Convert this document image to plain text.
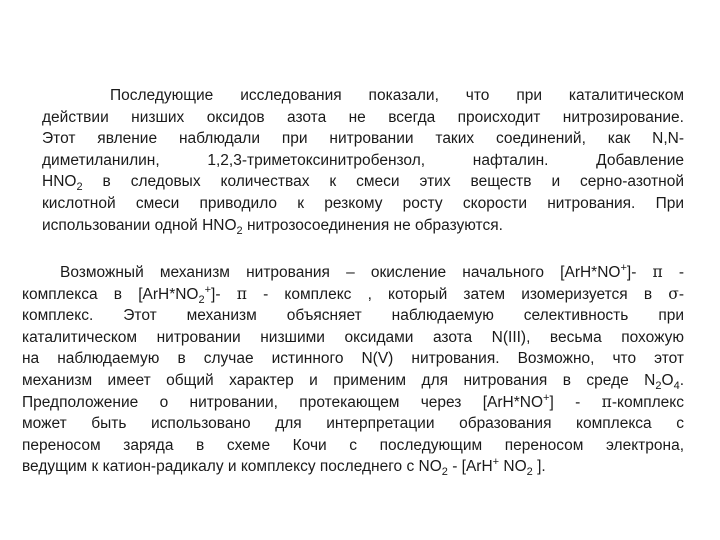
Последующие исследования показали, что при каталитическом
действии низших оксидов азота не всегда происходит нитрозирование.
Этот явление наблюдали при нитровании таких соединений, как N,N-
диметиланилин, 1,2,3-триметоксинитробензол, нафталин. Добавление
$HNO_2$ в следовых количествах к смеси этих веществ и серно-азотной
кислотной смеси приводило к резкому росту скорости нитрования. При
использовании одной $HNO_2$ нитрозосоединения не образуются.
Возможный механизм нитрования – окисление начального [ArH*NO+]- π -
комплекса в $[ArH*NO_2^+]-$ π - комплекс , который затем изомеризуется в σ-
комплекс. Этот механизм объясняет наблюдаемую селективность при
каталитическом нитровании низшими оксидами азота N(III), весьма похожую
на наблюдаемую в случае истинного N(V) нитрования. Возможно, что этот
механизм имеет общий характер и применим для нитрования в среде $N_2O_4$.
Предположение о нитровании, протекающем через [ArH*NO+] - π-комплекс
может быть использовано для интерпретации образования комплекса с
переносом заряда в схеме Кочи с последующим переносом электрона,
ведущим к катион-радикалу и комплексу последнего с $NO_2 - [ArH^+$ $NO_2$ ].
